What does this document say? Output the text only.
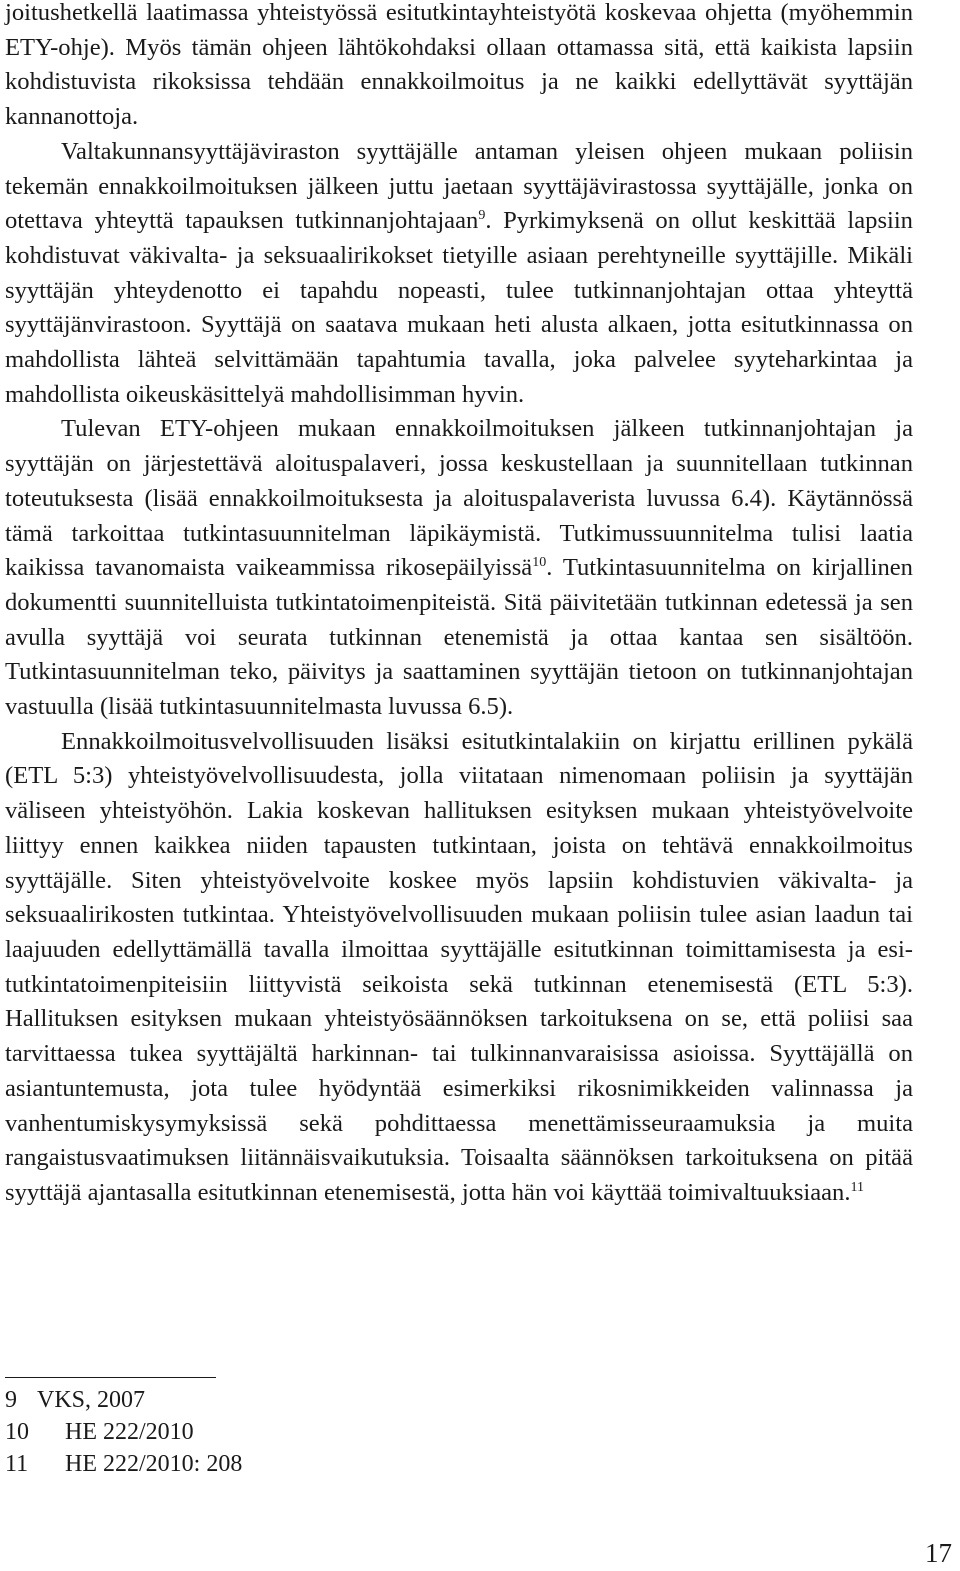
joitushetkellä laatimassa yhteistyössä esitutkintayhteistyötä koskevaa ohjetta (myöhemmin ETY-ohje). Myös tämän ohjeen lähtökohdaksi ollaan ottamassa sitä, että kaikista lapsiin kohdistuvista rikoksissa tehdään ennakkoilmoitus ja ne kaikki edellyttävät syyttäjän kannanottoja.

Valtakunnansyyttäjäviraston syyttäjälle antaman yleisen ohjeen mukaan poliisin tekemän ennakkoilmoituksen jälkeen juttu jaetaan syyttäjävirastossa syyttäjälle, jonka on otettava yhteyttä tapauksen tutkinnanjohtajaan$^9$. Pyrkimyksenä on ollut keskittää lapsiin kohdistuvat väkivalta- ja seksuaalirikokset tietyille asiaan perehtyneille syyttäjille. Mikäli syyttäjän yhteydenotto ei tapahdu nopeasti, tulee tutkinnanjohtajan ottaa yhteyttä syyttäjänvirastoon. Syyttäjä on saatava mukaan heti alusta alkaen, jotta esitutkinnassa on mahdollista lähteä selvittämään tapahtumia tavalla, joka palvelee syyteharkintaa ja mahdollista oikeuskäsittelyä mahdollisimman hyvin.

Tulevan ETY-ohjeen mukaan ennakkoilmoituksen jälkeen tutkinnanjohtajan ja syyttäjän on järjestettävä aloituspalaveri, jossa keskustellaan ja suunnitellaan tutkinnan toteutuksesta (lisää ennakkoilmoituksesta ja aloituspalaverista luvussa 6.4). Käytännössä tämä tarkoittaa tutkintasuunnitelman läpikäymistä. Tutkimussuunnitelma tulisi laatia kaikissa tavanomaista vaikeammissa rikosepäilyissä$^{10}$. Tutkintasuunnitelma on kirjallinen dokumentti suunnitelluista tutkintatoimenpiteistä. Sitä päivitetään tutkinnan edetessä ja sen avulla syyttäjä voi seurata tutkinnan etenemistä ja ottaa kantaa sen sisältöön. Tutkintasuunnitelman teko, päivitys ja saattaminen syyttäjän tietoon on tutkinnanjohtajan vastuulla (lisää tutkintasuunnitelmasta luvussa 6.5).

Ennakkoilmoitusvelvollisuuden lisäksi esitutkintalakiin on kirjattu erillinen pykälä (ETL 5:3) yhteistyövelvollisuudesta, jolla viitataan nimenomaan poliisin ja syyttäjän väliseen yhteistyöhön. Lakia koskevan hallituksen esityksen mukaan yhteistyövelvoite liittyy ennen kaikkea niiden tapausten tutkintaan, joista on tehtävä ennakkoilmoitus syyttäjälle. Siten yhteistyövelvoite koskee myös lapsiin kohdistuvien väkivalta- ja seksuaalirikosten tutkintaa. Yhteistyövelvollisuuden mukaan poliisin tulee asian laadun tai laajuuden edellyttämällä tavalla ilmoittaa syyttäjälle esitutkinnan toimittamisesta ja esitutkintatoimenpiteisiin liittyvistä seikoista sekä tutkinnan etenemisestä (ETL 5:3). Hallituksen esityksen mukaan yhteistyösäännöksen tarkoituksena on se, että poliisi saa tarvittaessa tukea syyttäjältä harkinnan- tai tulkinnanvaraisissa asioissa. Syyttäjällä on asiantuntemusta, jota tulee hyödyntää esimerkiksi rikosnimikkeiden valinnassa ja vanhentumiskysymyksissä sekä pohdittaessa menettämisseuraamuksia ja muita rangaistusvaatimuksen liitännäisvaikutuksia. Toisaalta säännöksen tarkoituksena on pitää syyttäjä ajantasalla esitutkinnan etenemisestä, jotta hän voi käyttää toimivaltuuksiaan.$^{11}$

9 VKS, 2007
10 HE 222/2010
11 HE 222/2010: 208
17
